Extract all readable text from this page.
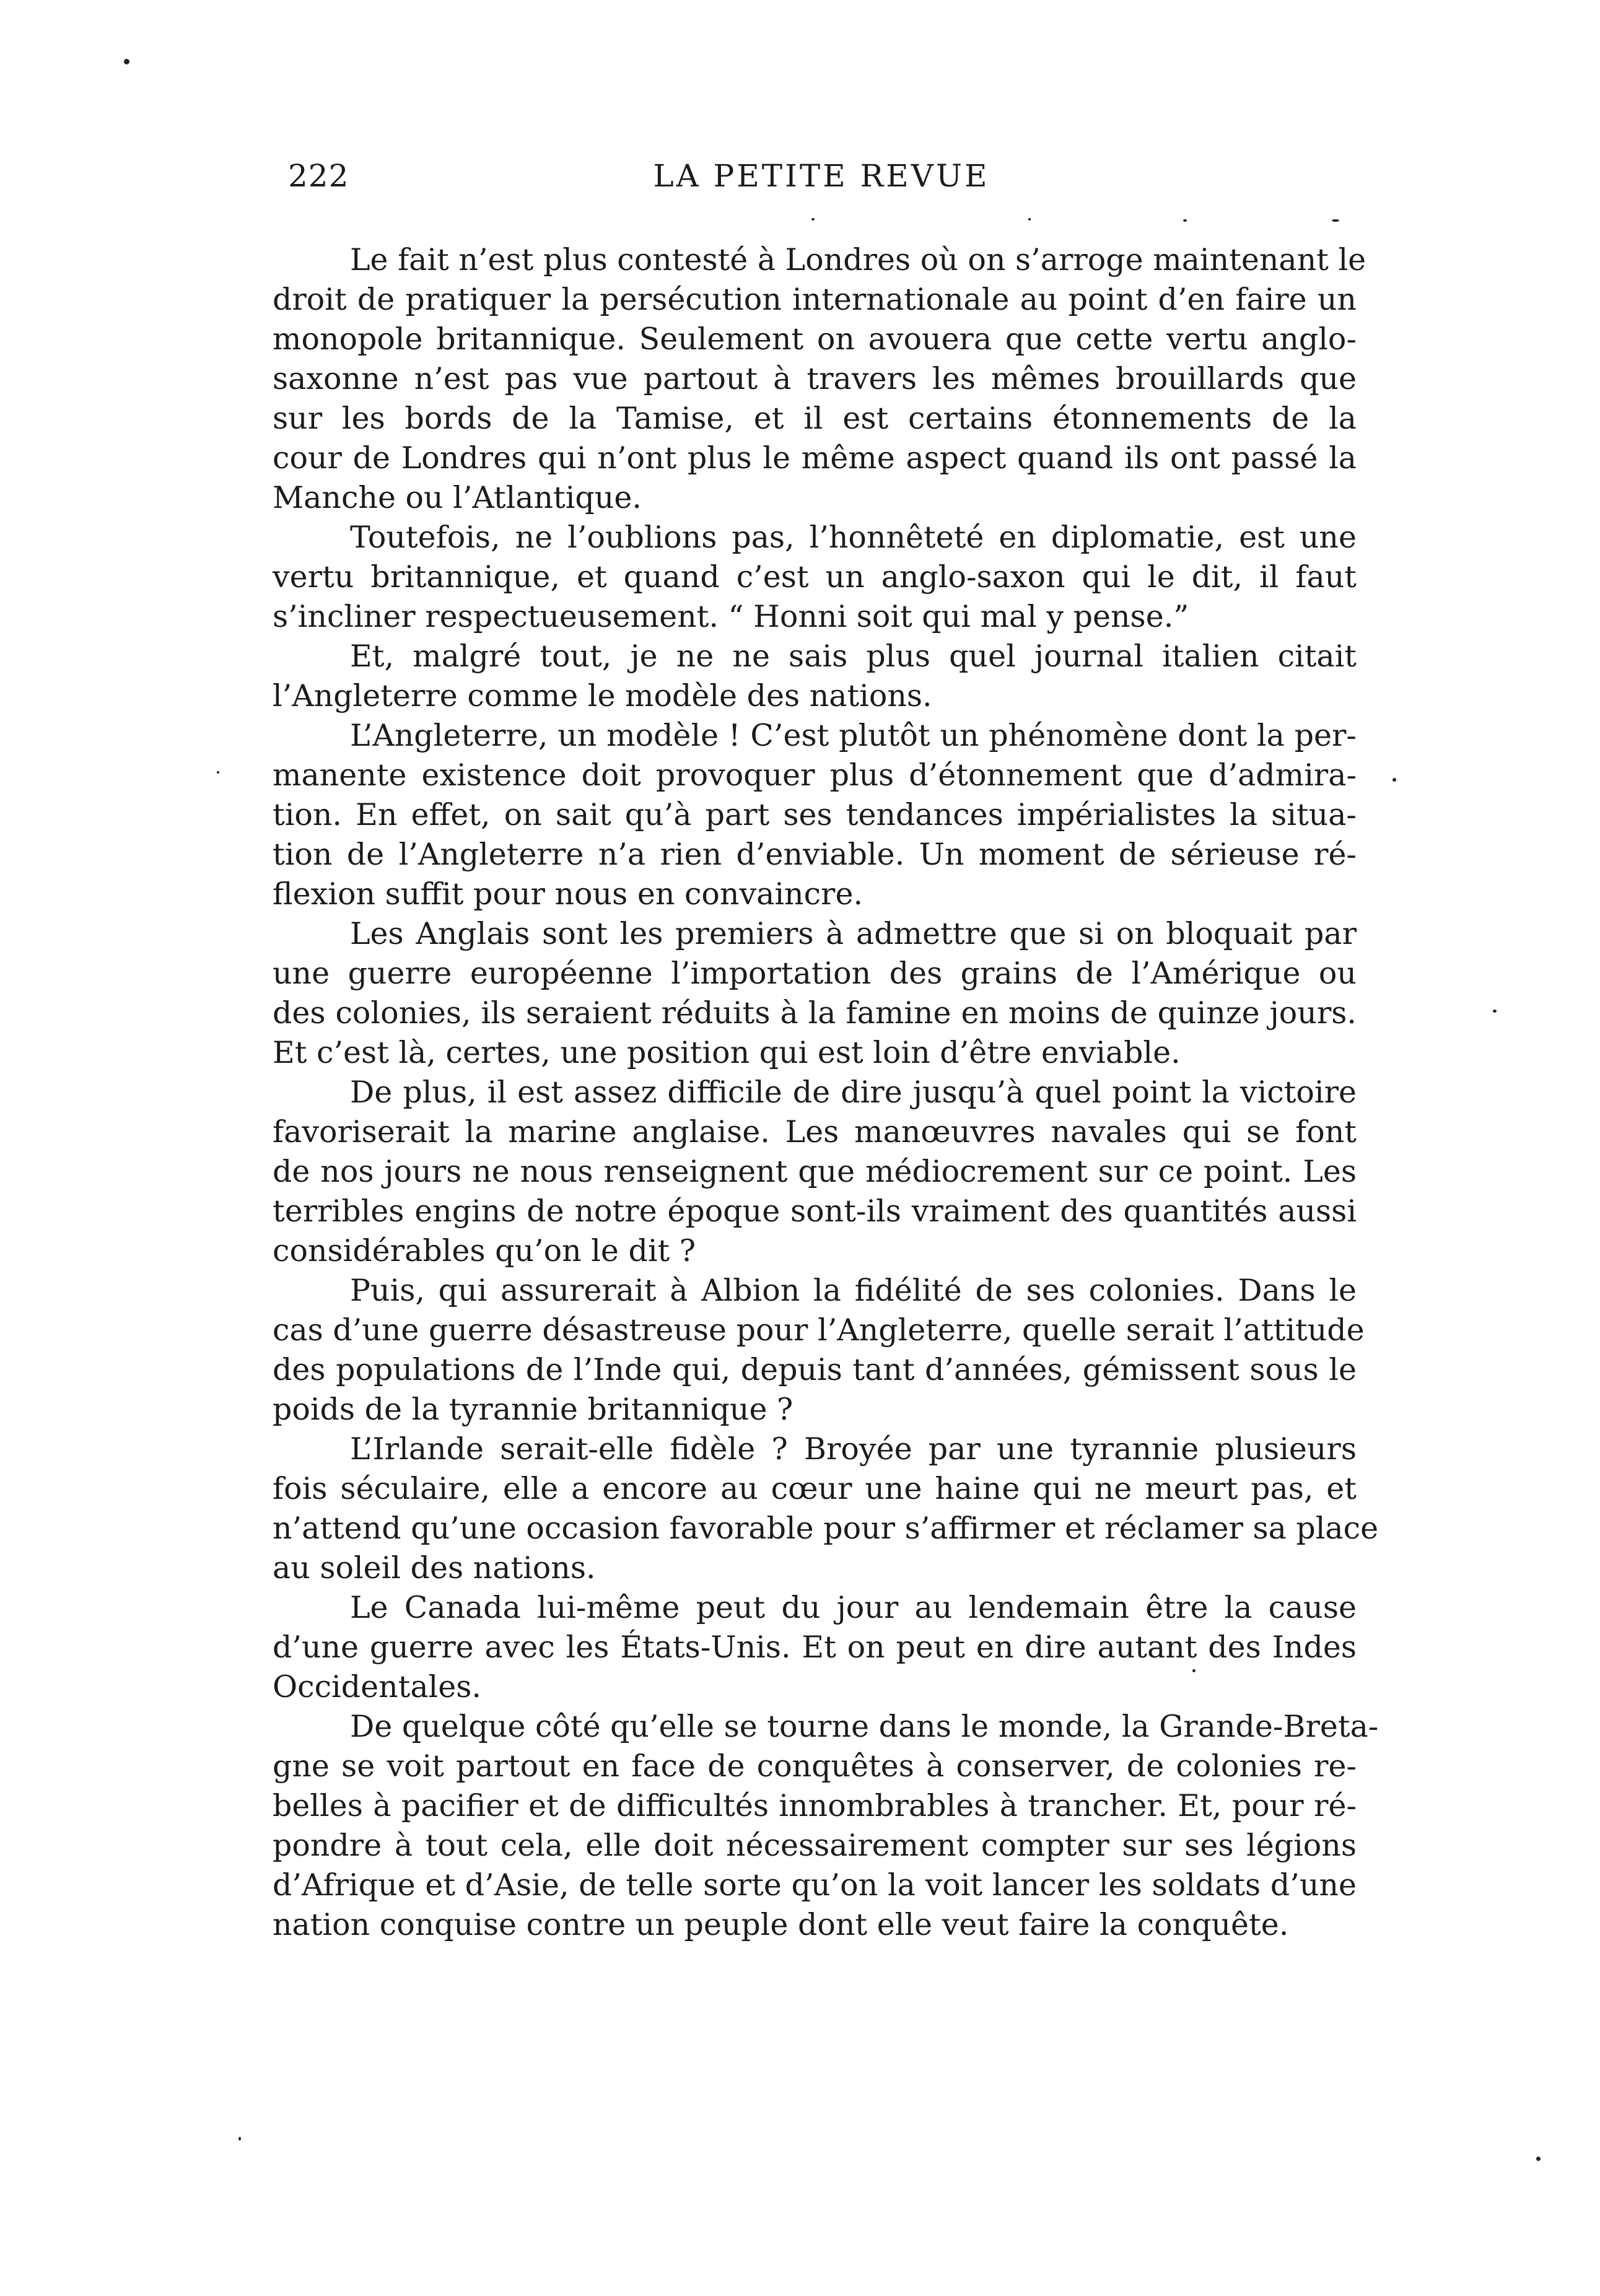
222	LA PETITE REVUE
Le fait n’est plus contesté à Londres où on s’arroge maintenant le
droit de pratiquer la persécution internationale au point d’en faire un
monopole britannique. Seulement on avouera que cette vertu anglo-
saxonne n’est pas vue partout à travers les mêmes brouillards que
sur les bords de la Tamise, et il est certains étonnements de la
cour de Londres qui n’ont plus le même aspect quand ils ont passé la
Manche ou l’Atlantique.
Toutefois, ne l’oublions pas, l’honnêteté en diplomatie, est une
vertu britannique, et quand c’est un anglo-saxon qui le dit, il faut
s’incliner respectueusement. “ Honni soit qui mal y pense.”
Et, malgré tout, je ne ne sais plus quel journal italien citait
l’Angleterre comme le modèle des nations.
L’Angleterre, un modèle ! C’est plutôt un phénomène dont la per-
manente existence doit provoquer plus d’étonnement que d’admira-
tion. En effet, on sait qu’à part ses tendances impérialistes la situa-
tion de l’Angleterre n’a rien d’enviable. Un moment de sérieuse ré-
flexion suffit pour nous en convaincre.
Les Anglais sont les premiers à admettre que si on bloquait par
une guerre européenne l’importation des grains de l’Amérique ou
des colonies, ils seraient réduits à la famine en moins de quinze jours.
Et c’est là, certes, une position qui est loin d’être enviable.
De plus, il est assez difficile de dire jusqu’à quel point la victoire
favoriserait la marine anglaise. Les manœuvres navales qui se font
de nos jours ne nous renseignent que médiocrement sur ce point. Les
terribles engins de notre époque sont-ils vraiment des quantités aussi
considérables qu’on le dit ?
Puis, qui assurerait à Albion la fidélité de ses colonies. Dans le
cas d’une guerre désastreuse pour l’Angleterre, quelle serait l’attitude
des populations de l’Inde qui, depuis tant d’années, gémissent sous le
poids de la tyrannie britannique ?
L’Irlande serait-elle fidèle ? Broyée par une tyrannie plusieurs
fois séculaire, elle a encore au cœur une haine qui ne meurt pas, et
n’attend qu’une occasion favorable pour s’affirmer et réclamer sa place
au soleil des nations.
Le Canada lui-même peut du jour au lendemain être la cause
d’une guerre avec les États-Unis. Et on peut en dire autant des Indes
Occidentales.
De quelque côté qu’elle se tourne dans le monde, la Grande-Breta-
gne se voit partout en face de conquêtes à conserver, de colonies re-
belles à pacifier et de difficultés innombrables à trancher. Et, pour ré-
pondre à tout cela, elle doit nécessairement compter sur ses légions
d’Afrique et d’Asie, de telle sorte qu’on la voit lancer les soldats d’une
nation conquise contre un peuple dont elle veut faire la conquête.
